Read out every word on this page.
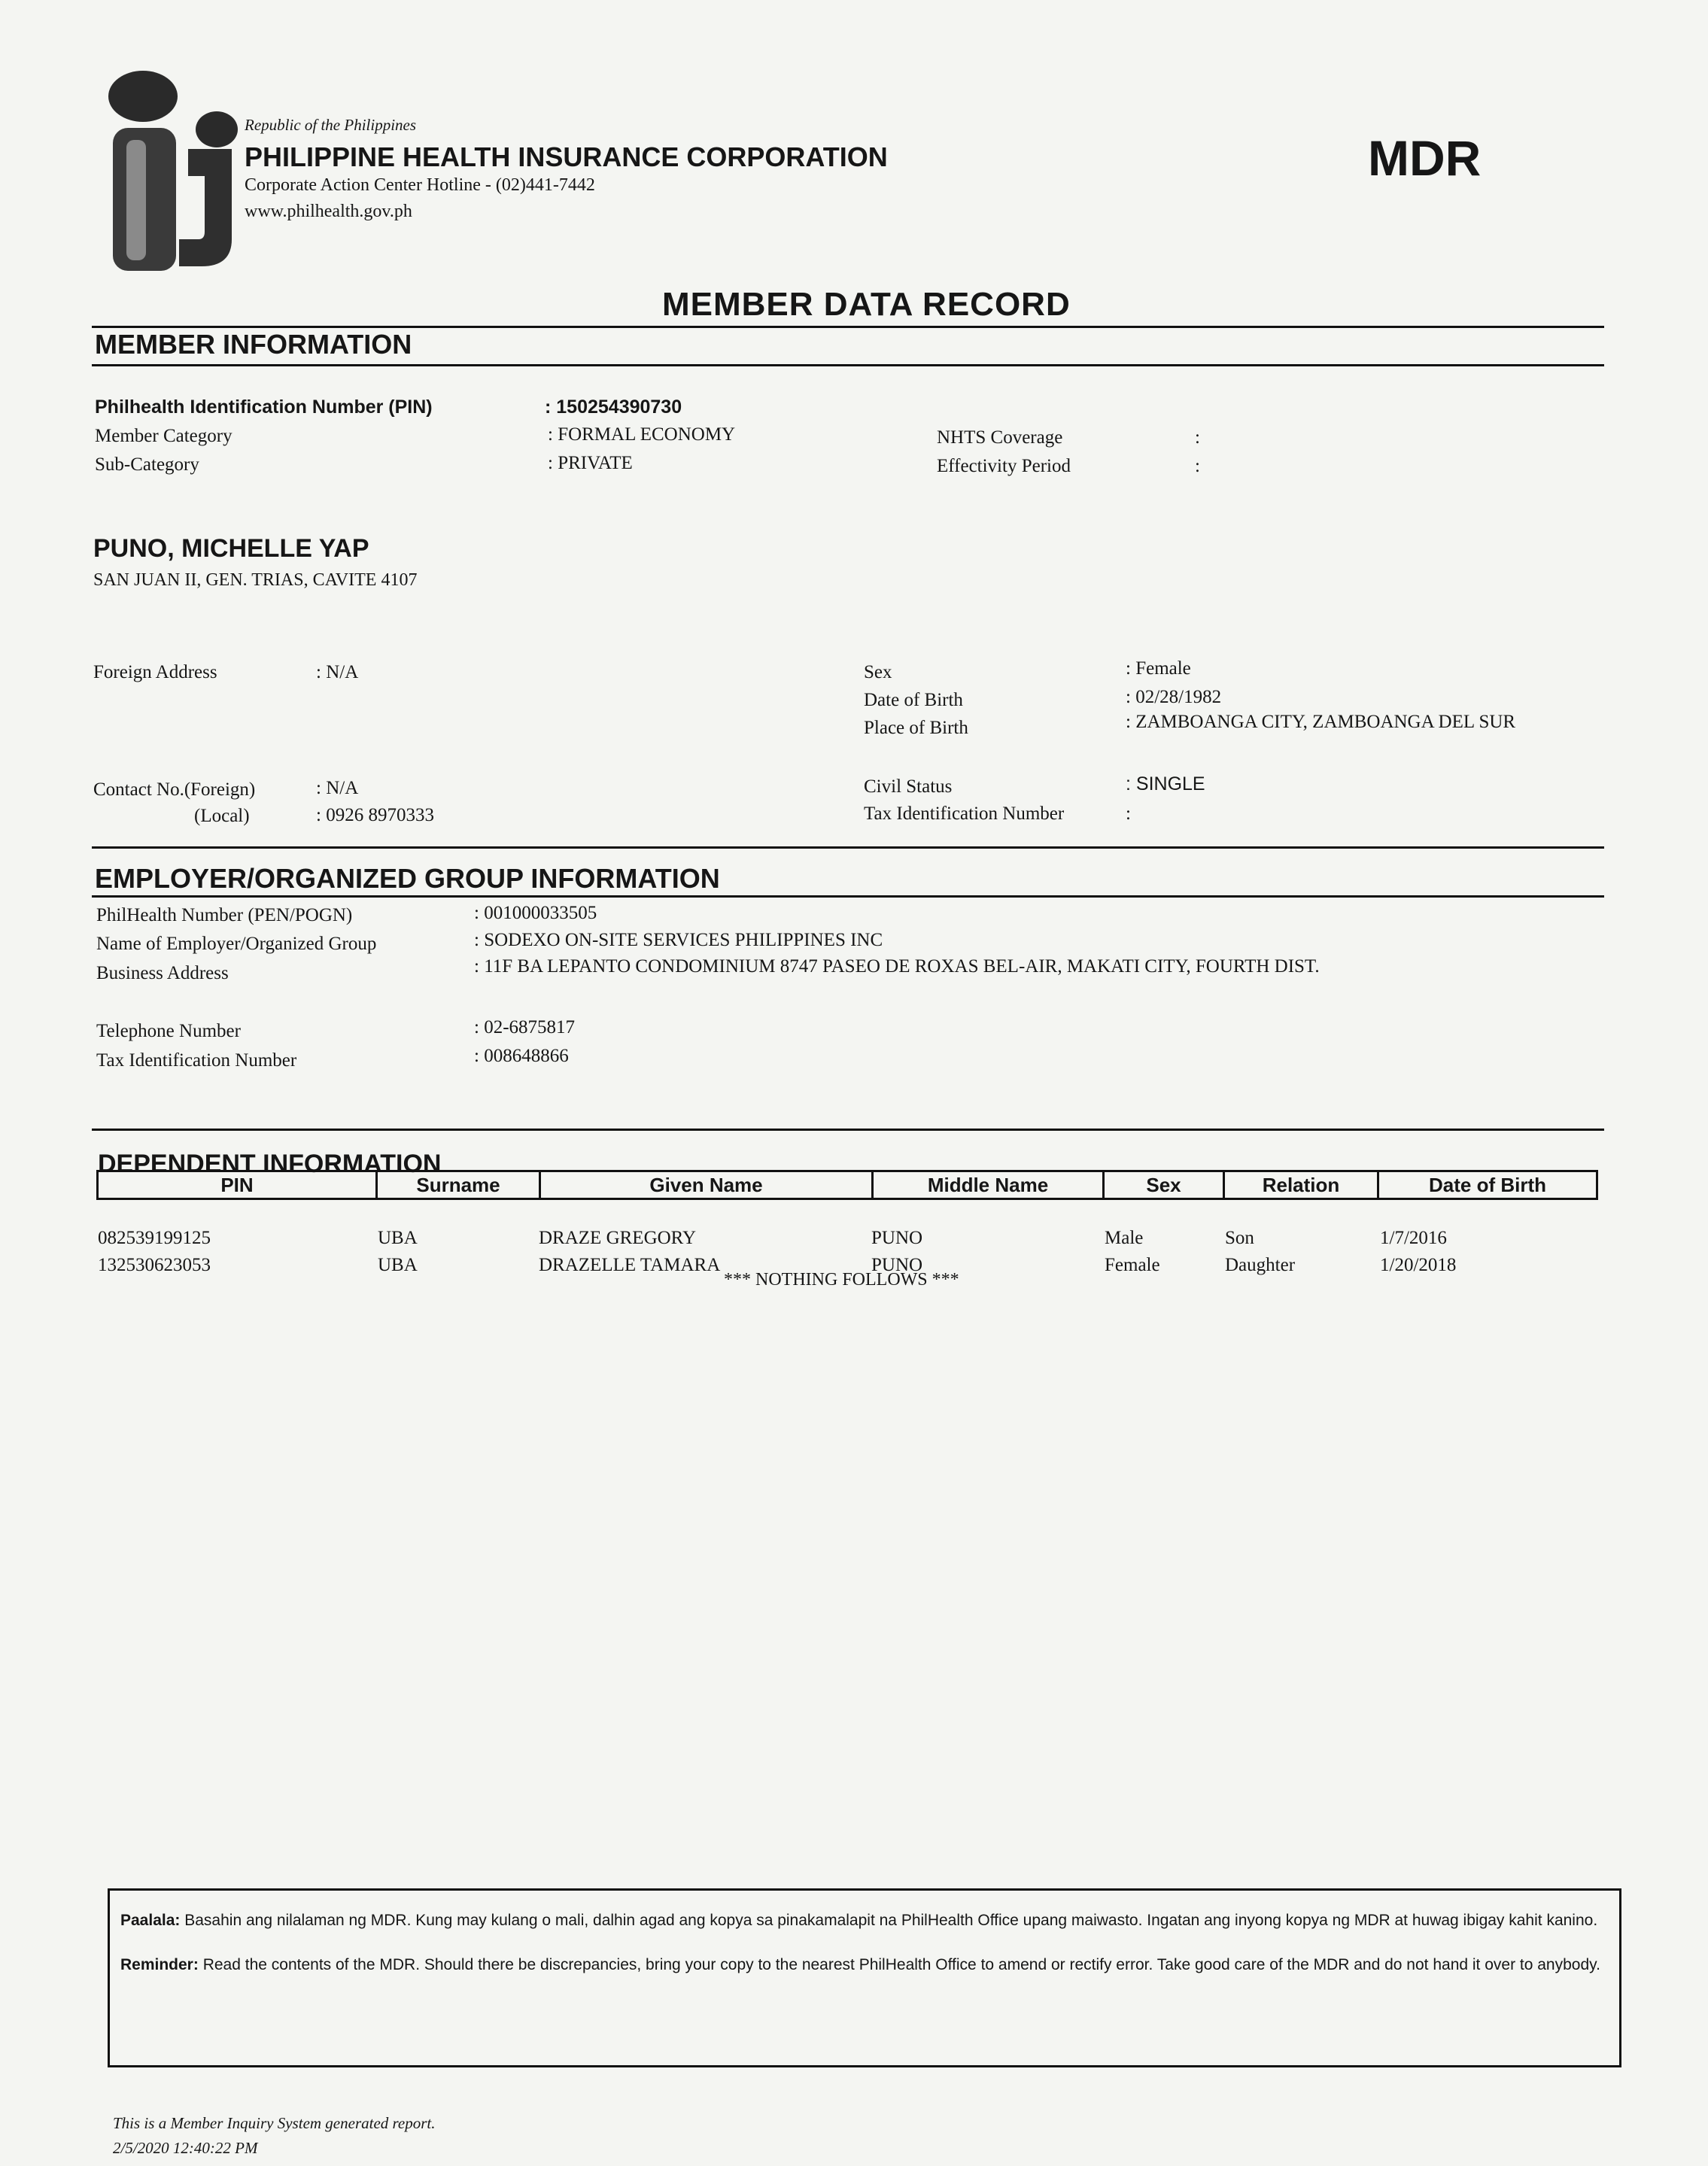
Republic of the Philippines
PHILIPPINE HEALTH INSURANCE CORPORATION
Corporate Action Center Hotline - (02)441-7442
www.philhealth.gov.ph
MDR
MEMBER DATA RECORD
MEMBER INFORMATION
Philhealth Identification Number (PIN)	: 150254390730
Member Category	: FORMAL ECONOMY
Sub-Category	: PRIVATE
NHTS Coverage	:
Effectivity Period	:
PUNO, MICHELLE YAP
SAN JUAN II, GEN. TRIAS, CAVITE 4107
Foreign Address	: N/A	Sex	: Female
Date of Birth	: 02/28/1982
Place of Birth	: ZAMBOANGA CITY, ZAMBOANGA DEL SUR
Contact No.(Foreign)	: N/A
(Local)	: 0926 8970333
Civil Status	: SINGLE
Tax Identification Number	:
EMPLOYER/ORGANIZED GROUP INFORMATION
PhilHealth Number (PEN/POGN)	: 001000033505
Name of Employer/Organized Group	: SODEXO ON-SITE SERVICES PHILIPPINES INC
Business Address	: 11F BA LEPANTO CONDOMINIUM 8747 PASEO DE ROXAS BEL-AIR, MAKATI CITY, FOURTH DIST.
Telephone Number	: 02-6875817
Tax Identification Number	: 008648866
DEPENDENT INFORMATION
PIN	Surname	Given Name	Middle Name	Sex	Relation	Date of Birth
082539199125	UBA	DRAZE GREGORY	PUNO	Male	Son	1/7/2016
132530623053	UBA	DRAZELLE TAMARA	PUNO	Female	Daughter	1/20/2018
*** NOTHING FOLLOWS ***

Paalala: Basahin ang nilalaman ng MDR. Kung may kulang o mali, dalhin agad ang kopya sa pinakamalapit na PhilHealth Office upang maiwasto. Ingatan ang inyong kopya ng MDR at huwag ibigay kahit kanino.

Reminder: Read the contents of the MDR. Should there be discrepancies, bring your copy to the nearest PhilHealth Office to amend or rectify error. Take good care of the MDR and do not hand it over to anybody.

This is a Member Inquiry System generated report.
2/5/2020 12:40:22 PM
